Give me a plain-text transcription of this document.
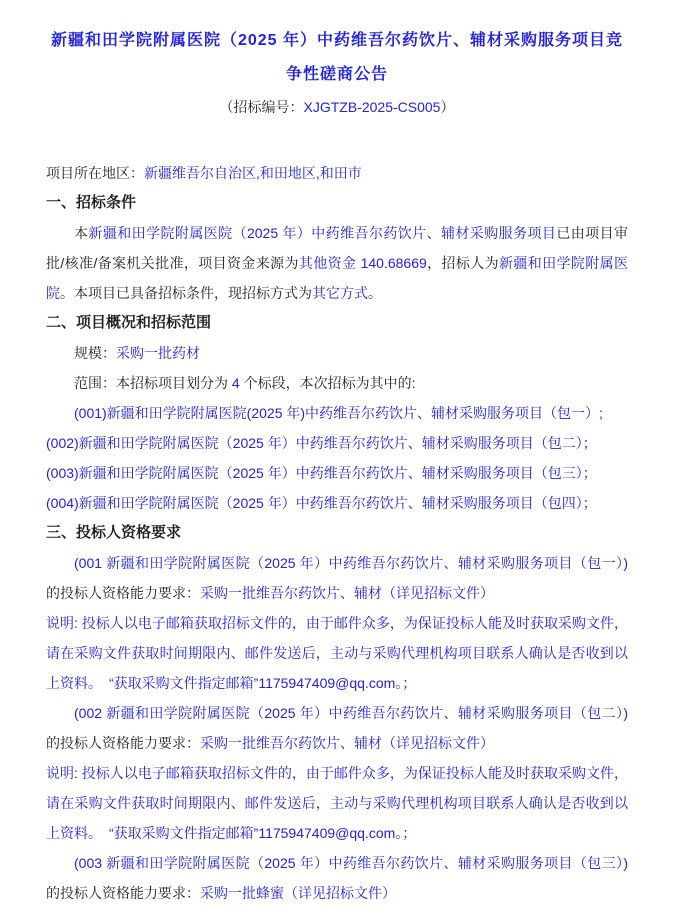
新疆和田学院附属医院（2025 年）中药维吾尔药饮片、辅材采购服务项目竞争性磋商公告
（招标编号：XJGTZB-2025-CS005）

项目所在地区：新疆维吾尔自治区,和田地区,和田市

一、招标条件

本新疆和田学院附属医院（2025 年）中药维吾尔药饮片、辅材采购服务项目已由项目审批/核准/备案机关批准，项目资金来源为其他资金 140.68669，招标人为新疆和田学院附属医院。本项目已具备招标条件，现招标方式为其它方式。

二、项目概况和招标范围

规模：采购一批药材

范围：本招标项目划分为 4 个标段，本次招标为其中的:

(001)新疆和田学院附属医院(2025 年)中药维吾尔药饮片、辅材采购服务项目（包一）;

(002)新疆和田学院附属医院（2025 年）中药维吾尔药饮片、辅材采购服务项目（包二）；

(003)新疆和田学院附属医院（2025 年）中药维吾尔药饮片、辅材采购服务项目（包三）；

(004)新疆和田学院附属医院（2025 年）中药维吾尔药饮片、辅材采购服务项目（包四）；

三、投标人资格要求

(001 新疆和田学院附属医院（2025 年）中药维吾尔药饮片、辅材采购服务项目（包一）)的投标人资格能力要求：采购一批维吾尔药饮片、辅材（详见招标文件）

说明: 投标人以电子邮箱获取招标文件的，由于邮件众多，为保证投标人能及时获取采购文件，请在采购文件获取时间期限内、邮件发送后，主动与采购代理机构项目联系人确认是否收到以上资料。　“获取采购文件指定邮箱”1175947409@qq.com。；

(002 新疆和田学院附属医院（2025 年）中药维吾尔药饮片、辅材采购服务项目（包二）)的投标人资格能力要求：采购一批维吾尔药饮片、辅材（详见招标文件）

说明: 投标人以电子邮箱获取招标文件的，由于邮件众多，为保证投标人能及时获取采购文件，请在采购文件获取时间期限内、邮件发送后，主动与采购代理机构项目联系人确认是否收到以上资料。　“获取采购文件指定邮箱”1175947409@qq.com。；

(003 新疆和田学院附属医院（2025 年）中药维吾尔药饮片、辅材采购服务项目（包三）)的投标人资格能力要求：采购一批蜂蜜（详见招标文件）
